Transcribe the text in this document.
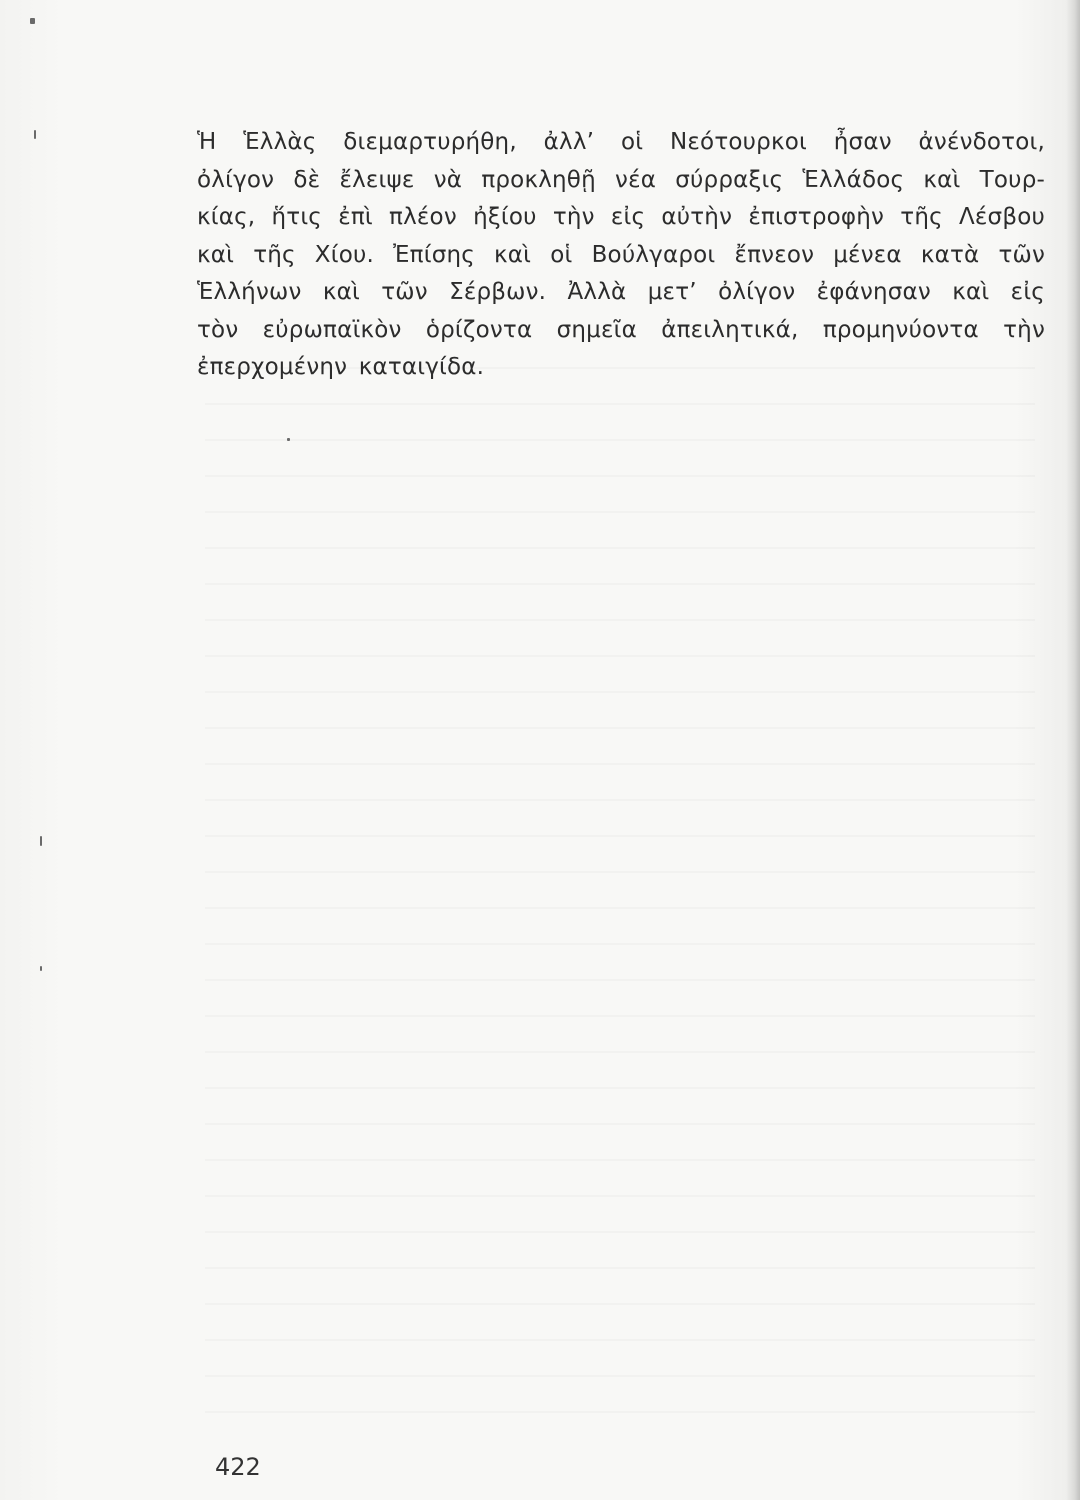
Ἡ Ἑλλὰς διεμαρτυρήθη, ἀλλ’ οἱ Νεότουρκοι ἦσαν ἀνένδοτοι,
ὀλίγον δὲ ἔλειψε νὰ προκληθῇ νέα σύρραξις Ἑλλάδος καὶ Τουρ-
κίας, ἥτις ἐπὶ πλέον ἠξίου τὴν εἰς αὐτὴν ἐπιστροφὴν τῆς Λέσβου
καὶ τῆς Χίου. Ἐπίσης καὶ οἱ Βούλγαροι ἔπνεον μένεα κατὰ τῶν
Ἑλλήνων καὶ τῶν Σέρβων. Ἀλλὰ μετ’ ὀλίγον ἐφάνησαν καὶ εἰς
τὸν εὐρωπαϊκὸν ὁρίζοντα σημεῖα ἀπειλητικά, προμηνύοντα τὴν
ἐπερχομένην καταιγίδα.
422
